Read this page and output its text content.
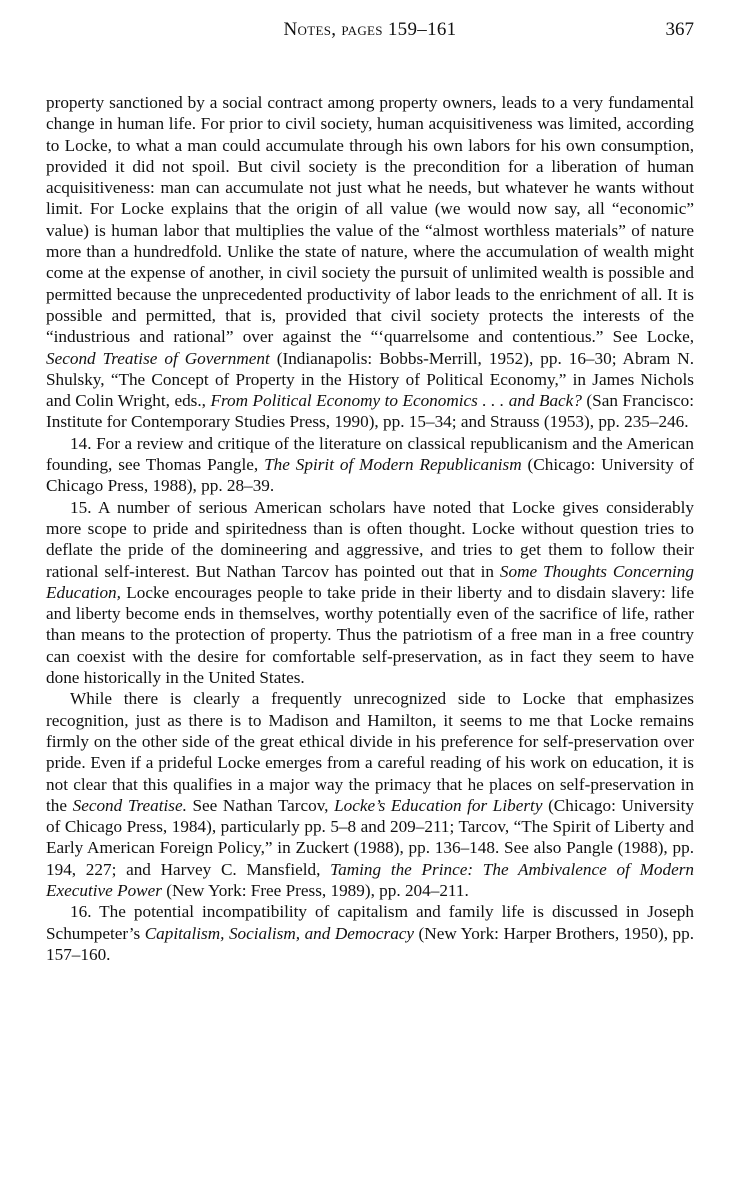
Notes, pages 159–161	367

property sanctioned by a social contract among property owners, leads to a very fundamental change in human life. For prior to civil society, human acquisitiveness was limited, according to Locke, to what a man could accumulate through his own labors for his own consumption, provided it did not spoil. But civil society is the precondition for a liberation of human acquisitiveness: man can accumulate not just what he needs, but whatever he wants without limit. For Locke explains that the origin of all value (we would now say, all “economic” value) is human labor that multiplies the value of the “almost worthless materials” of nature more than a hundredfold. Unlike the state of nature, where the accumulation of wealth might come at the expense of another, in civil society the pursuit of unlimited wealth is possible and permitted because the unprecedented productivity of labor leads to the enrichment of all. It is possible and permitted, that is, provided that civil society protects the interests of the “industrious and rational” over against the “‘quarrelsome and contentious.” See Locke, Second Treatise of Government (Indianapolis: Bobbs-Merrill, 1952), pp. 16–30; Abram N. Shulsky, “The Concept of Property in the History of Political Economy,” in James Nichols and Colin Wright, eds., From Political Economy to Economics . . . and Back? (San Francisco: Institute for Contemporary Studies Press, 1990), pp. 15–34; and Strauss (1953), pp. 235–246.

14. For a review and critique of the literature on classical republicanism and the American founding, see Thomas Pangle, The Spirit of Modern Republicanism (Chicago: University of Chicago Press, 1988), pp. 28–39.

15. A number of serious American scholars have noted that Locke gives considerably more scope to pride and spiritedness than is often thought. Locke without question tries to deflate the pride of the domineering and aggressive, and tries to get them to follow their rational self-interest. But Nathan Tarcov has pointed out that in Some Thoughts Concerning Education, Locke encourages people to take pride in their liberty and to disdain slavery: life and liberty become ends in themselves, worthy potentially even of the sacrifice of life, rather than means to the protection of property. Thus the patriotism of a free man in a free country can coexist with the desire for comfortable self-preservation, as in fact they seem to have done historically in the United States.

While there is clearly a frequently unrecognized side to Locke that emphasizes recognition, just as there is to Madison and Hamilton, it seems to me that Locke remains firmly on the other side of the great ethical divide in his preference for self-preservation over pride. Even if a prideful Locke emerges from a careful reading of his work on education, it is not clear that this qualifies in a major way the primacy that he places on self-preservation in the Second Treatise. See Nathan Tarcov, Locke’s Education for Liberty (Chicago: University of Chicago Press, 1984), particularly pp. 5–8 and 209–211; Tarcov, “The Spirit of Liberty and Early American Foreign Policy,” in Zuckert (1988), pp. 136–148. See also Pangle (1988), pp. 194, 227; and Harvey C. Mansfield, Taming the Prince: The Ambivalence of Modern Executive Power (New York: Free Press, 1989), pp. 204–211.

16. The potential incompatibility of capitalism and family life is discussed in Joseph Schumpeter’s Capitalism, Socialism, and Democracy (New York: Harper Brothers, 1950), pp. 157–160.
